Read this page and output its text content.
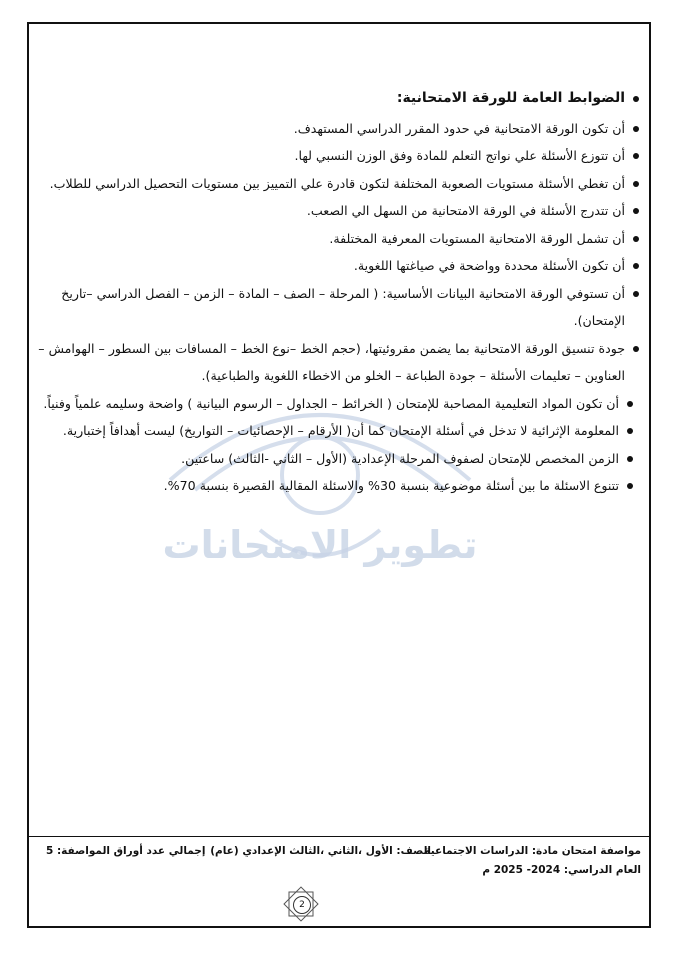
تطوير الامتحانات
الضوابط العامة للورقة الامتحانية:
أن تكون الورقة الامتحانية في حدود المقرر الدراسي المستهدف.
أن تتوزع الأسئلة علي نواتج التعلم للمادة وفق الوزن النسبي لها.
أن تغطي الأسئلة مستويات الصعوبة المختلفة لتكون قادرة علي التمييز بين مستويات التحصيل الدراسي للطلاب.
أن تتدرج الأسئلة في الورقة الامتحانية من السهل الي الصعب.
أن تشمل الورقة الامتحانية المستويات المعرفية المختلفة.
أن تكون الأسئلة محددة وواضحة في صياغتها اللغوية.
أن تستوفي الورقة الامتحانية البيانات الأساسية: ( المرحلة – الصف – المادة – الزمن – الفصل الدراسي –تاريخ الإمتحان).
جودة تنسيق الورقة الامتحانية بما يضمن مقروئيتها، (حجم الخط –نوع الخط – المسافات بين السطور – الهوامش – العناوين – تعليمات الأسئلة – جودة الطباعة – الخلو من الاخطاء اللغوية والطباعية).
أن تكون المواد التعليمية المصاحبة للإمتحان ( الخرائط – الجداول – الرسوم البيانية ) واضحة وسليمه علمياً وفنياً.
المعلومة الإثرائية لا تدخل في أسئلة الإمتحان كما أن( الأرقام – الإحصائيات – التواريخ) ليست أهدافاً إختبارية.
الزمن المخصص للإمتحان لصفوف المرحلة الإعدادية (الأول – الثاني -الثالث) ساعتين.
تتنوع الاسئلة ما بين أسئلة موضوعية بنسبة 30% والاسئلة المقالية القصيرة بنسبة 70%.
مواصفة امتحان مادة: الدراسات الاجتماعية
العام الدراسي: 2024- 2025 م
الصف: الأول ،الثاني ،الثالث الإعدادي (عام)
إجمالي عدد أوراق المواصفة: 5
2
